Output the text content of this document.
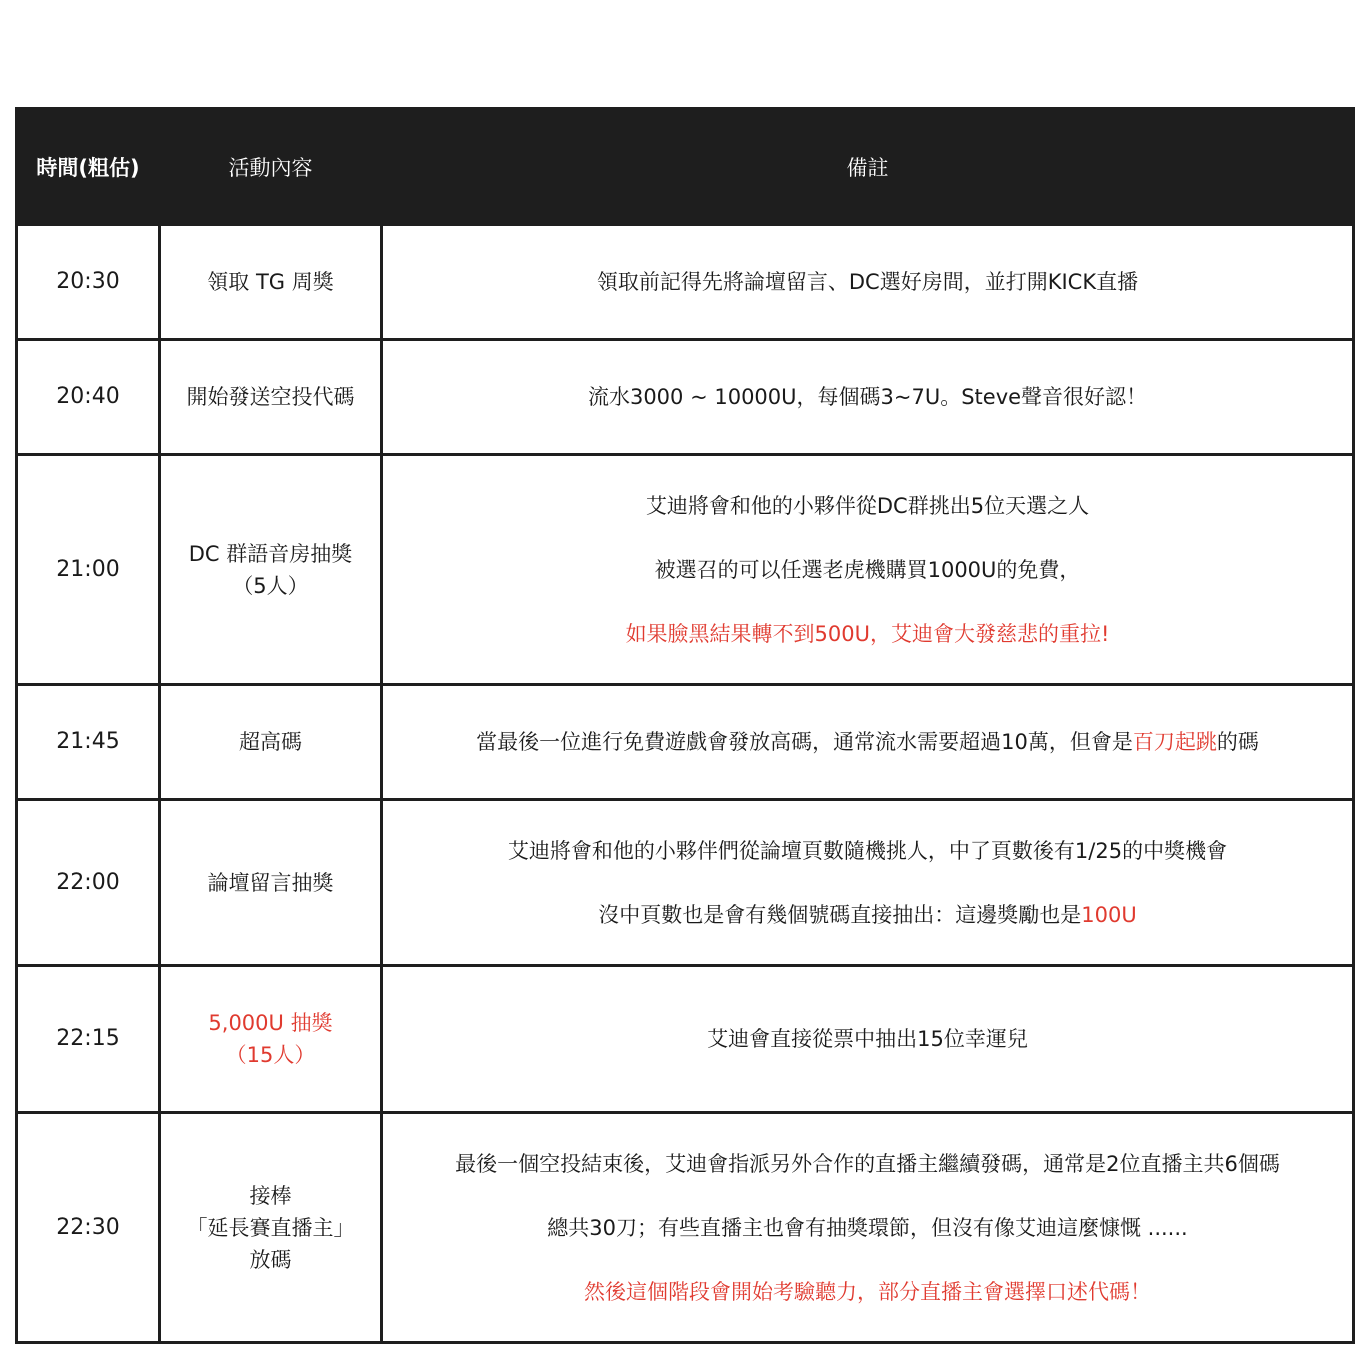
時間(粗估)	活動內容	備註
20:30	領取 TG 周獎	領取前記得先將論壇留言、DC選好房間，並打開KICK直播

20:40	開始發送空投代碼	流水3000 ~ 10000U，每個碼3~7U。Steve聲音很好認！

21:00	DC 群語音房抽獎
（5人）	艾迪將會和他的小夥伴從DC群挑出5位天選之人
被選召的可以任選老虎機購買1000U的免費，
如果臉黑結果轉不到500U，艾迪會大發慈悲的重拉!

21:45	超高碼	當最後一位進行免費遊戲會發放高碼，通常流水需要超過10萬，但會是百刀起跳的碼

22:00	論壇留言抽獎	艾迪將會和他的小夥伴們從論壇頁數隨機挑人，中了頁數後有1/25的中獎機會
沒中頁數也是會有幾個號碼直接抽出：這邊獎勵也是100U

22:15	5,000U 抽獎
（15人）	艾迪會直接從票中抽出15位幸運兒

22:30	接棒
「延長賽直播主」
放碼	最後一個空投結束後，艾迪會指派另外合作的直播主繼續發碼，通常是2位直播主共6個碼
總共30刀；有些直播主也會有抽獎環節，但沒有像艾迪這麼慷慨 ......
然後這個階段會開始考驗聽力，部分直播主會選擇口述代碼！
